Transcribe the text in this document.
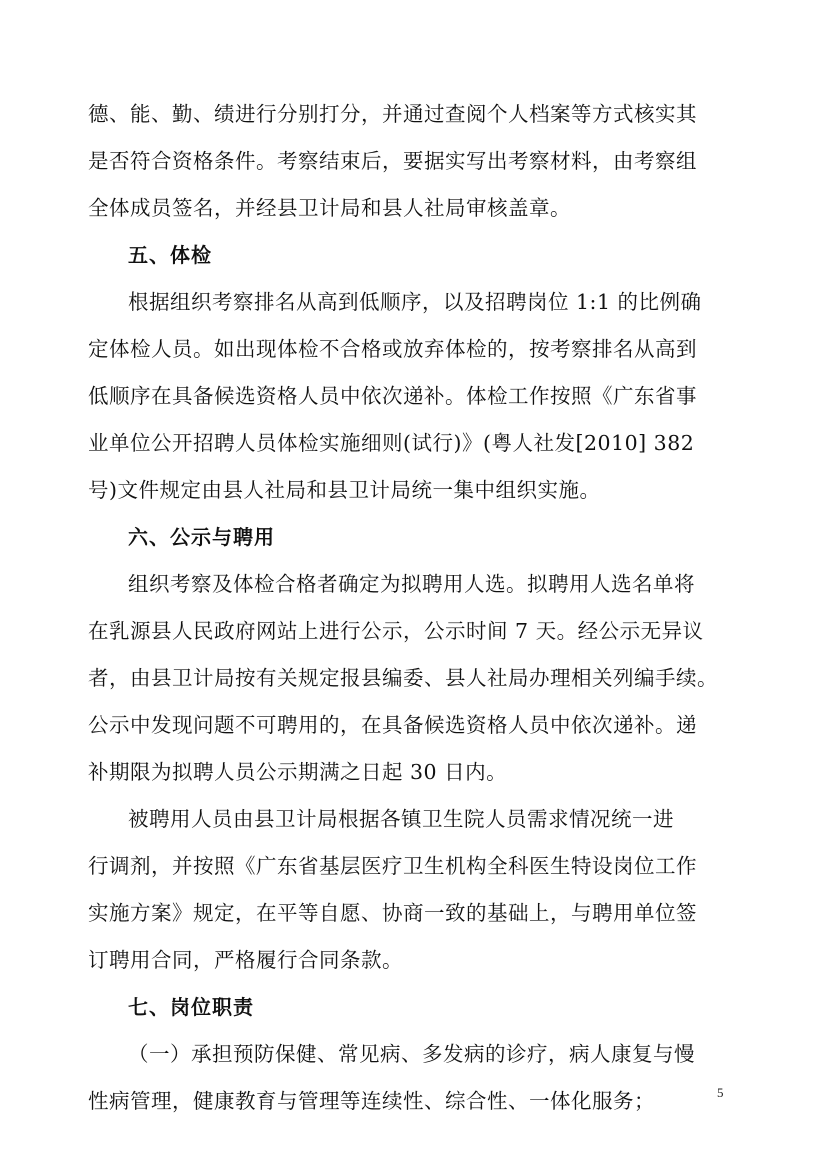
德、能、勤、绩进行分别打分，并通过查阅个人档案等方式核实其
是否符合资格条件。考察结束后，要据实写出考察材料，由考察组
全体成员签名，并经县卫计局和县人社局审核盖章。
五、体检
根据组织考察排名从高到低顺序，以及招聘岗位 1:1 的比例确
定体检人员。如出现体检不合格或放弃体检的，按考察排名从高到
低顺序在具备候选资格人员中依次递补。体检工作按照《广东省事
业单位公开招聘人员体检实施细则(试行)》(粤人社发[2010] 382
号)文件规定由县人社局和县卫计局统一集中组织实施。
六、公示与聘用
组织考察及体检合格者确定为拟聘用人选。拟聘用人选名单将
在乳源县人民政府网站上进行公示，公示时间 7 天。经公示无异议
者，由县卫计局按有关规定报县编委、县人社局办理相关列编手续。
公示中发现问题不可聘用的，在具备候选资格人员中依次递补。递
补期限为拟聘人员公示期满之日起 30 日内。
被聘用人员由县卫计局根据各镇卫生院人员需求情况统一进
行调剂，并按照《广东省基层医疗卫生机构全科医生特设岗位工作
实施方案》规定，在平等自愿、协商一致的基础上，与聘用单位签
订聘用合同，严格履行合同条款。
七、岗位职责
（一）承担预防保健、常见病、多发病的诊疗，病人康复与慢
性病管理，健康教育与管理等连续性、综合性、一体化服务；	5
